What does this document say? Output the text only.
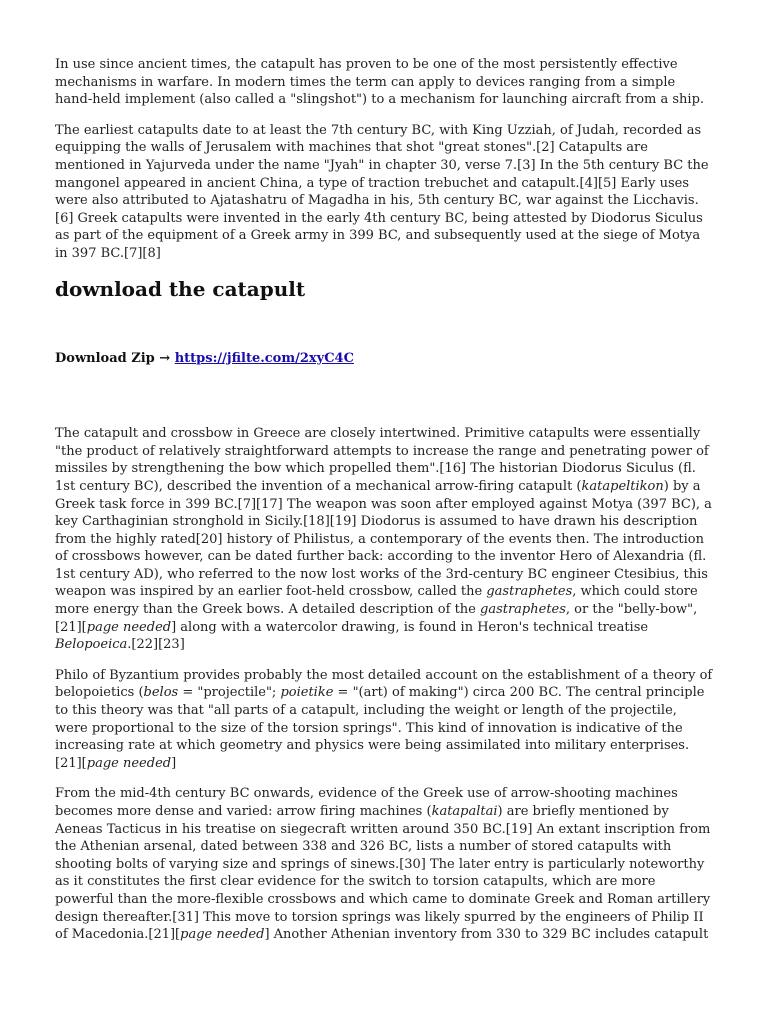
In use since ancient times, the catapult has proven to be one of the most persistently effective mechanisms in warfare. In modern times the term can apply to devices ranging from a simple hand-held implement (also called a "slingshot") to a mechanism for launching aircraft from a ship.

The earliest catapults date to at least the 7th century BC, with King Uzziah, of Judah, recorded as equipping the walls of Jerusalem with machines that shot "great stones".[2] Catapults are mentioned in Yajurveda under the name "Jyah" in chapter 30, verse 7.[3] In the 5th century BC the mangonel appeared in ancient China, a type of traction trebuchet and catapult.[4][5] Early uses were also attributed to Ajatashatru of Magadha in his, 5th century BC, war against the Licchavis.[6] Greek catapults were invented in the early 4th century BC, being attested by Diodorus Siculus as part of the equipment of a Greek army in 399 BC, and subsequently used at the siege of Motya in 397 BC.[7][8]

download the catapult

Download Zip → https://jfilte.com/2xyC4C

The catapult and crossbow in Greece are closely intertwined. Primitive catapults were essentially "the product of relatively straightforward attempts to increase the range and penetrating power of missiles by strengthening the bow which propelled them".[16] The historian Diodorus Siculus (fl. 1st century BC), described the invention of a mechanical arrow-firing catapult (katapeltikon) by a Greek task force in 399 BC.[7][17] The weapon was soon after employed against Motya (397 BC), a key Carthaginian stronghold in Sicily.[18][19] Diodorus is assumed to have drawn his description from the highly rated[20] history of Philistus, a contemporary of the events then. The introduction of crossbows however, can be dated further back: according to the inventor Hero of Alexandria (fl. 1st century AD), who referred to the now lost works of the 3rd-century BC engineer Ctesibius, this weapon was inspired by an earlier foot-held crossbow, called the gastraphetes, which could store more energy than the Greek bows. A detailed description of the gastraphetes, or the "belly-bow",[21][page needed] along with a watercolor drawing, is found in Heron's technical treatise Belopoeica.[22][23]

Philo of Byzantium provides probably the most detailed account on the establishment of a theory of belopoietics (belos = "projectile"; poietike = "(art) of making") circa 200 BC. The central principle to this theory was that "all parts of a catapult, including the weight or length of the projectile, were proportional to the size of the torsion springs". This kind of innovation is indicative of the increasing rate at which geometry and physics were being assimilated into military enterprises.[21][page needed]

From the mid-4th century BC onwards, evidence of the Greek use of arrow-shooting machines becomes more dense and varied: arrow firing machines (katapaltai) are briefly mentioned by Aeneas Tacticus in his treatise on siegecraft written around 350 BC.[19] An extant inscription from the Athenian arsenal, dated between 338 and 326 BC, lists a number of stored catapults with shooting bolts of varying size and springs of sinews.[30] The later entry is particularly noteworthy as it constitutes the first clear evidence for the switch to torsion catapults, which are more powerful than the more-flexible crossbows and which came to dominate Greek and Roman artillery design thereafter.[31] This move to torsion springs was likely spurred by the engineers of Philip II of Macedonia.[21][page needed] Another Athenian inventory from 330 to 329 BC includes catapult
